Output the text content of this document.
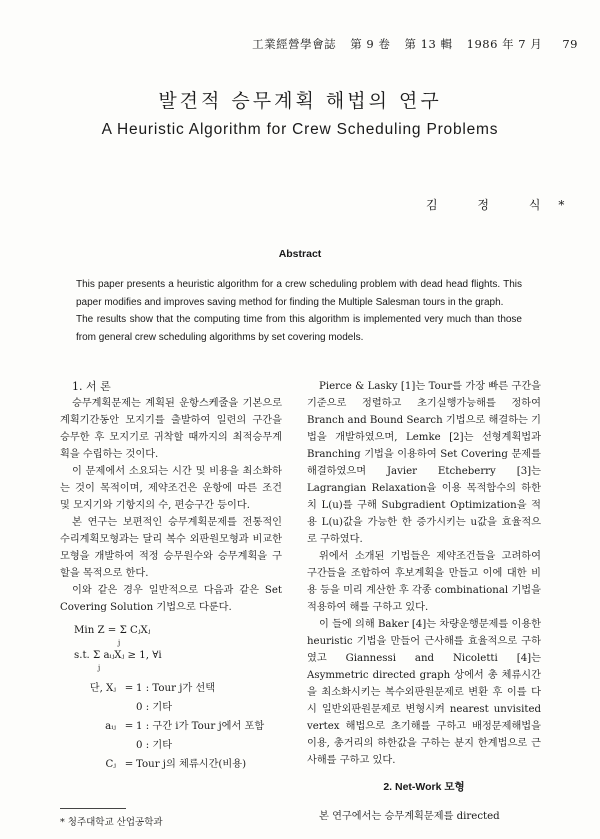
工業經營學會誌 第 9 卷 第 13 輯 1986 年 7 月 79
발견적 승무계획 해법의 연구
A Heuristic Algorithm for Crew Scheduling Problems
김 정 식*
Abstract

This paper presents a heuristic algorithm for a crew scheduling problem with dead head flights. This paper modifies and improves saving method for finding the Multiple Salesman tours in the graph.

The results show that the computing time from this algorithm is implemented very much than those from general crew scheduling algorithms by set covering models.

1. 서 론

승무계획문제는 계획된 운항스케줄을 기본으로 계획기간동안 모지기를 출발하여 일련의 구간을 승무한 후 모지기로 귀착할 때까지의 최적승무계획을 수립하는 것이다.

이 문제에서 소요되는 시간 및 비용을 최소화하는 것이 목적이며, 제약조건은 운항에 따른 조건 및 모지기와 기항지의 수, 편승구간 등이다.

본 연구는 보편적인 승무계획문제를 전통적인 수리계획모형과는 달리 복수 외판원모형과 비교한 모형을 개발하여 적정 승무원수와 승무계획을 구할을 목적으로 한다.

이와 같은 경우 일반적으로 다음과 같은 Set Covering Solution 기법으로 다룬다.

Min Z = Σ CⱼXⱼ
j
s.t. Σ aᵢⱼXⱼ ≥ 1, ∀i
j
단, Xⱼ = 1 : Tour j가 선택
0 : 기타
aᵢⱼ = 1 : 구간 i가 Tour j에서 포함
0 : 기타
Cⱼ = Tour j의 체류시간(비용)
* 청주대학교 산업공학과

Pierce & Lasky [1]는 Tour를 가장 빠른 구간을 기준으로 정렬하고 초기실행가능해를 정하여 Branch and Bound Search 기법으로 해결하는 기법을 개발하였으며, Lemke [2]는 선형계획법과 Branching 기법을 이용하여 Set Covering 문제를 해결하였으며 Javier Etcheberry [3]는 Lagrangian Relaxation을 이용 목적함수의 하한치 L(u)를 구해 Subgradient Optimization을 적용 L(u)값을 가능한 한 증가시키는 u값을 효율적으로 구하였다.

위에서 소개된 기법들은 제약조건들을 고려하여 구간들을 조합하여 후보계획을 만들고 이에 대한 비용 등을 미리 계산한 후 각종 combinational 기법을 적용하여 해를 구하고 있다.

이 들에 의해 Baker [4]는 차량운행문제를 이용한 heuristic 기법을 만들어 근사해를 효율적으로 구하였고 Giannessi and Nicoletti [4]는 Asymmetric directed graph 상에서 총 체류시간을 최소화시키는 복수외판원문제로 변환 후 이를 다시 일반외판원문제로 변형시켜 nearest unvisited vertex 해법으로 초기해를 구하고 배정문제해법을 이용, 총거리의 하한값을 구하는 분지 한계법으로 근사해를 구하고 있다.

2. Net-Work 모형

본 연구에서는 승무계획문제를 directed
